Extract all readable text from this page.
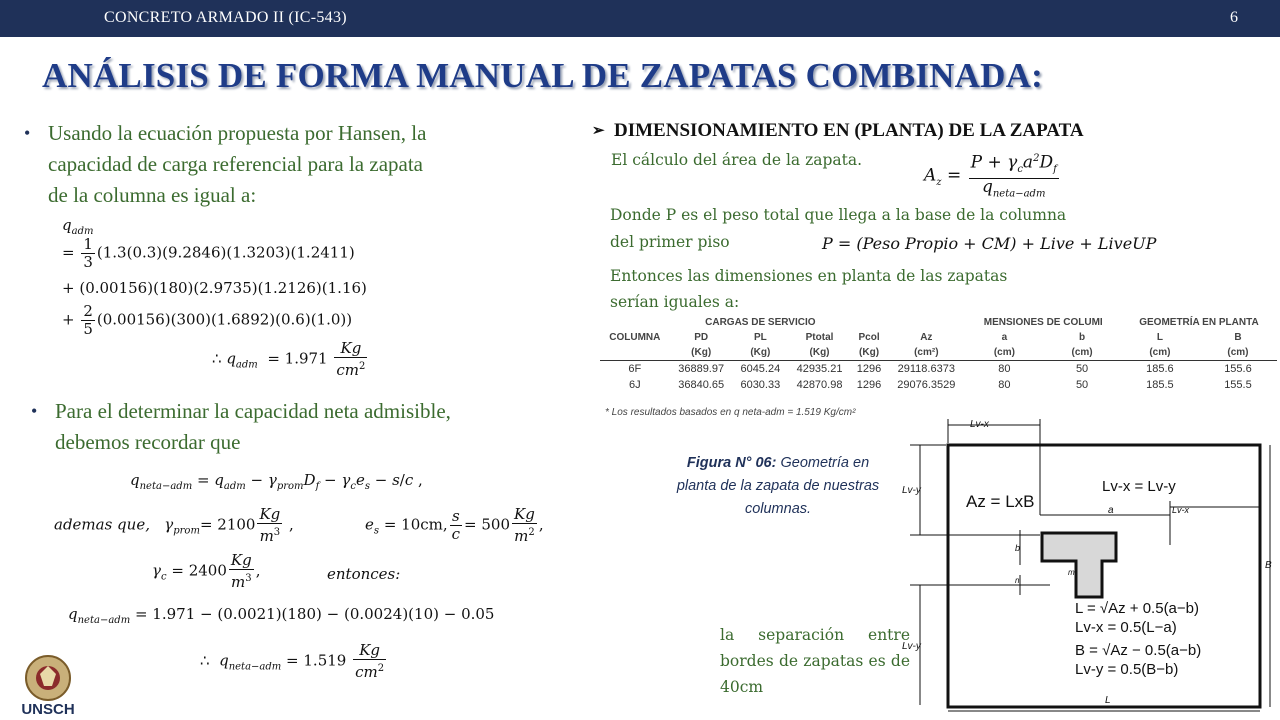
CONCRETO ARMADO II (IC-543)	6
ANÁLISIS DE FORMA MANUAL DE ZAPATAS COMBINADA:
• Usando la ecuación propuesta por Hansen, la
capacidad de carga referencial para la zapata
de la columna es igual a:
$q_{adm}$
= $\frac{1}{3} (1.3(0.3)(9.2846)(1.3203)(1.2411)$
+ (0.00156)(180)(2.9735)(1.2126)(1.16)
+ $\frac{2}{5} (0.00156)(300)(1.6892)(0.6)(1.0)$)
∴ $q_{adm} = 1.971 \frac{Kg}{cm^2}$
• Para el determinar la capacidad neta admisible,
debemos recordar que
$q_{neta-adm} = q_{adm} - \gamma_{prom}D_f - \gamma_ce_s - s/c$ ,
ademas que, $\gamma_{prom}= 2100 \frac{Kg}{m^3}$ ,	$e_s = 10cm$, $\frac{s}{c} = 500 \frac{Kg}{m^2}$ ,
$\gamma_c = 2400 \frac{Kg}{m^3}$ ,	entonces:
$q_{neta-adm} = 1.971 - (0.0021)(180) - (0.0024)(10) - 0.05$
∴  $q_{neta-adm} = 1.519 \frac{Kg}{cm^2}$
➢ DIMENSIONAMIENTO EN (PLANTA) DE LA ZAPATA
El cálculo del área de la zapata.
$A_z = \frac{P + \gamma_ca^2D_f}{q_{neta-adm}}$
Donde P es el peso total que llega a la base de la columna
del primer piso	P = (Peso Propio + CM) + Live + LiveUP
Entonces las dimensiones en planta de las zapatas
serían iguales a:
	CARGAS DE SERVICIO					MENSIONES DE COLUMI		GEOMETRÍA EN PLANTA	
COLUMNA	PD	PL	Ptotal	Pcol	Az	a	b	L	B
	(Kg)	(Kg)	(Kg)	(Kg)	(cm²)	(cm)	(cm)	(cm)	(cm)
6F	36889.97	6045.24	42935.21	1296	29118.6373	80	50	185.6	155.6
6J	36840.65	6030.33	42870.98	1296	29076.3529	80	50	185.5	155.5
* Los resultados basados en q neta-adm = 1.519 Kg/cm²
Figura N° 06: Geometría en planta de la zapata de nuestras columnas.
Lv-x
Lv-y
Az = LxB
Lv-x = Lv-y
a	Lv-x
b
m
n
B
Lv-y
L
L = √Az + 0.5(a−b)
Lv-x = 0.5(L−a)
B = √Az − 0.5(a−b)
Lv-y = 0.5(B−b)
la separación entre bordes de zapatas es de 40cm
UNSCH
